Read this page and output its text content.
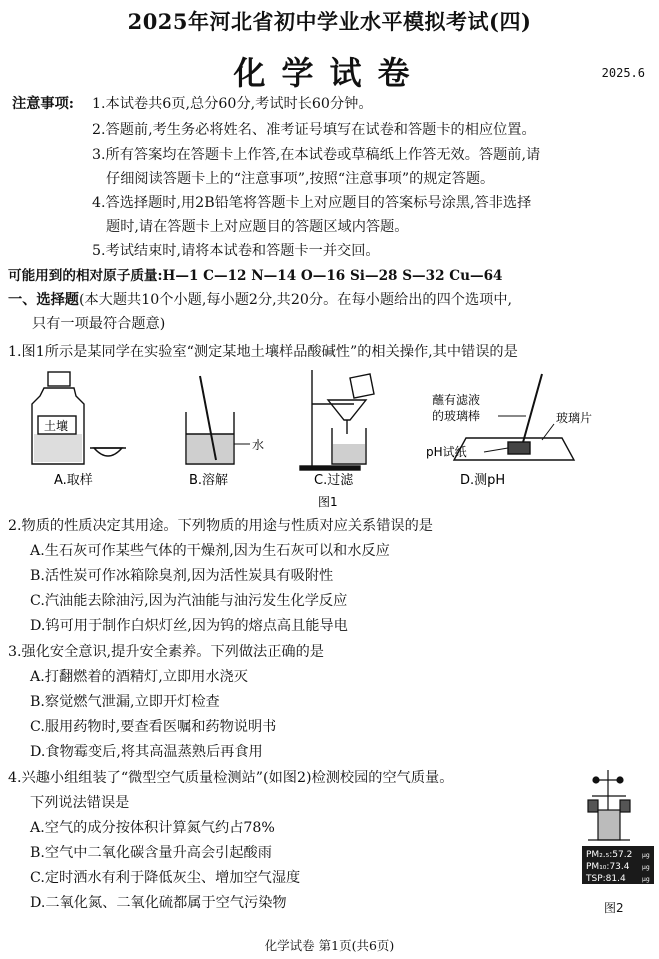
2025年河北省初中学业水平模拟考试(四)
化学试卷	2025.6
注意事项: 1.本试卷共6页,总分60分,考试时长60分钟。
2.答题前,考生务必将姓名、准考证号填写在试卷和答题卡的相应位置。
3.所有答案均在答题卡上作答,在本试卷或草稿纸上作答无效。答题前,请
仔细阅读答题卡上的“注意事项”,按照“注意事项”的规定答题。
4.答选择题时,用2B铅笔将答题卡上对应题目的答案标号涂黑,答非选择
题时,请在答题卡上对应题目的答题区域内答题。
5.考试结束时,请将本试卷和答题卡一并交回。
可能用到的相对原子质量:H—1 C—12 N—14 O—16 Si—28 S—32 Cu—64
一、选择题(本大题共10个小题,每小题2分,共20分。在每小题给出的四个选项中,
只有一项最符合题意)
1.图1所示是某同学在实验室“测定某地土壤样品酸碱性”的相关操作,其中错误的是
土壤
A.取样
水
B.溶解	C.过滤
蘸有滤液
的玻璃棒	玻璃片
pH试纸
D.测pH
图1
2.物质的性质决定其用途。下列物质的用途与性质对应关系错误的是
A.生石灰可作某些气体的干燥剂,因为生石灰可以和水反应
B.活性炭可作冰箱除臭剂,因为活性炭具有吸附性
C.汽油能去除油污,因为汽油能与油污发生化学反应
D.钨可用于制作白炽灯丝,因为钨的熔点高且能导电
3.强化安全意识,提升安全素养。下列做法正确的是
A.打翻燃着的酒精灯,立即用水浇灭
B.察觉燃气泄漏,立即开灯检查
C.服用药物时,要查看医嘱和药物说明书
D.食物霉变后,将其高温蒸熟后再食用
4.兴趣小组组装了“微型空气质量检测站”(如图2)检测校园的空气质量。
下列说法错误是
A.空气的成分按体积计算氮气约占78%
B.空气中二氧化碳含量升高会引起酸雨
C.定时洒水有利于降低灰尘、增加空气湿度
D.二氧化氮、二氧化硫都属于空气污染物
PM₂.₅:57.2
PM₁₀:73.4
TSP:81.4
μg
μg
μg
图2
化学试卷 第1页(共6页)
